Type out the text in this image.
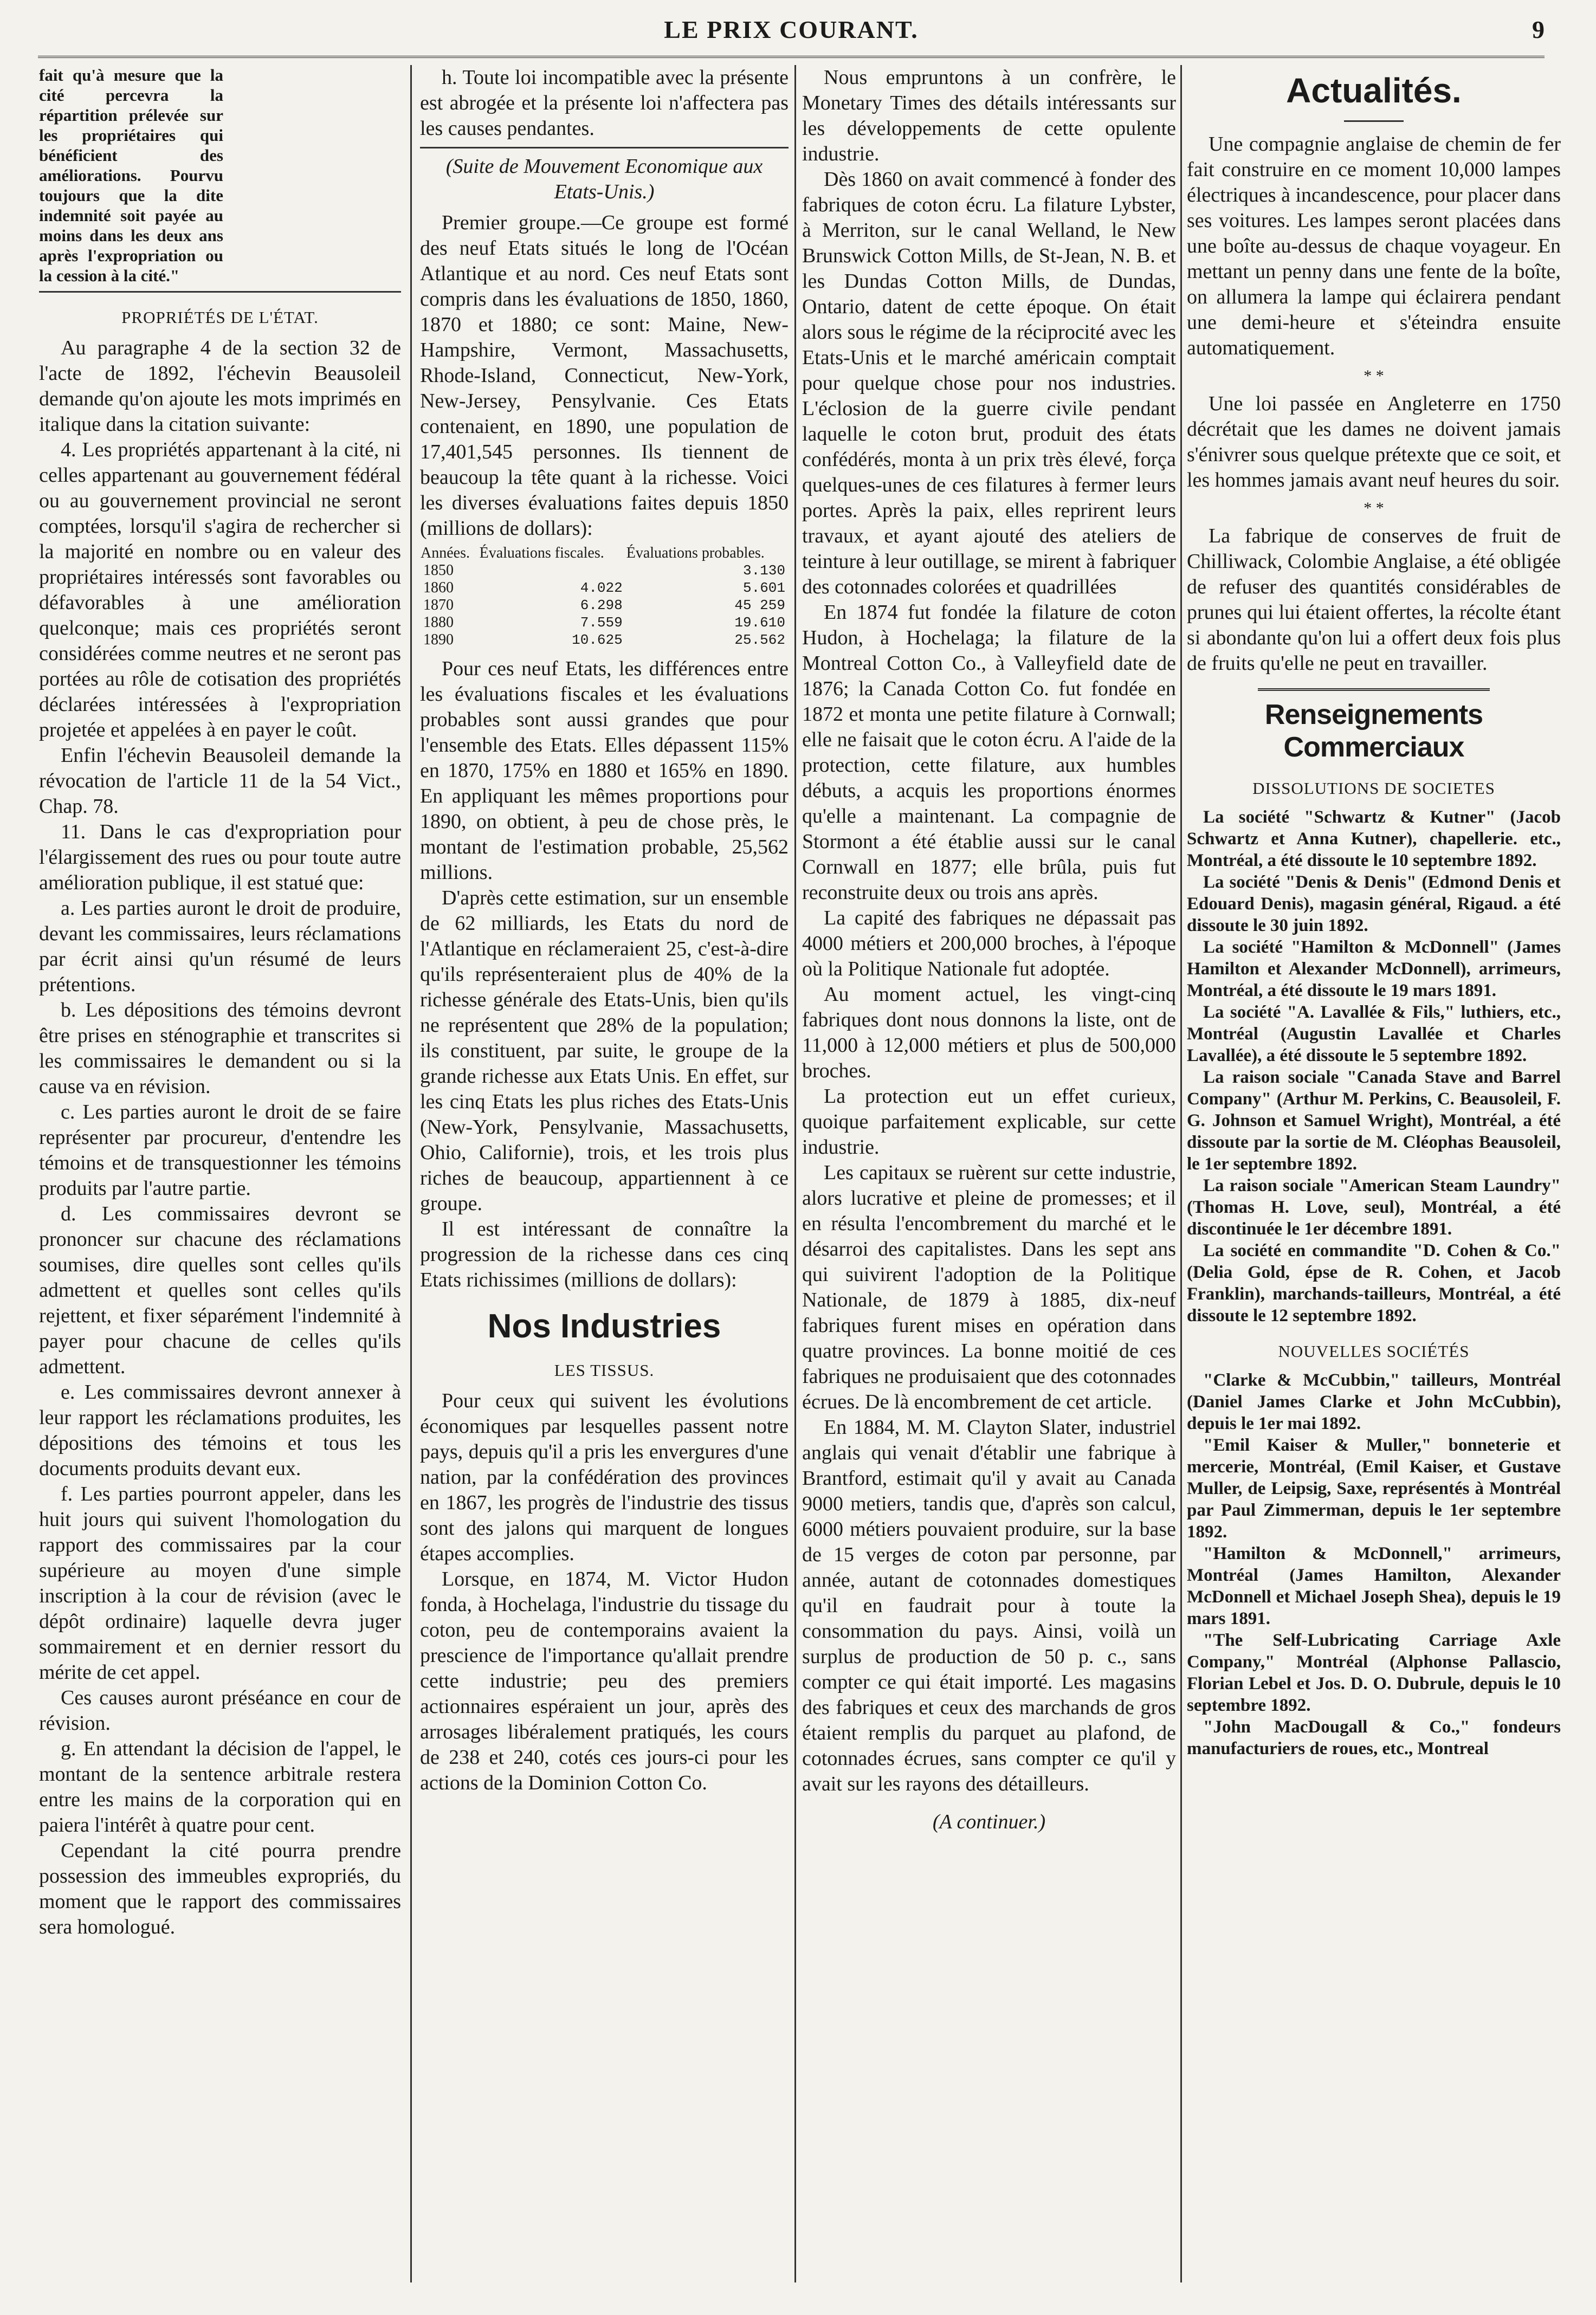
LE PRIX COURANT.	9

fait qu'à mesure que la cité percevra la répartition prélevée sur les propriétaires qui bénéficient des améliorations. Pourvu toujours que la dite indemnité soit payée au moins dans les deux ans après l'expropriation ou la cession à la cité."

PROPRIÉTÉS DE L'ÉTAT.

Au paragraphe 4 de la section 32 de l'acte de 1892, l'échevin Beausoleil demande qu'on ajoute les mots imprimés en italique dans la citation suivante:

4. Les propriétés appartenant à la cité, ni celles appartenant au gouvernement fédéral ou au gouvernement provincial ne seront comptées, lorsqu'il s'agira de rechercher si la majorité en nombre ou en valeur des propriétaires intéressés sont favorables ou défavorables à une amélioration quelconque; mais ces propriétés seront considérées comme neutres et ne seront pas portées au rôle de cotisation des propriétés déclarées intéressées à l'expropriation projetée et appelées à en payer le coût.

Enfin l'échevin Beausoleil demande la révocation de l'article 11 de la 54 Vict., Chap. 78.

11. Dans le cas d'expropriation pour l'élargissement des rues ou pour toute autre amélioration publique, il est statué que:

a. Les parties auront le droit de produire, devant les commissaires, leurs réclamations par écrit ainsi qu'un résumé de leurs prétentions.

b. Les dépositions des témoins devront être prises en sténographie et transcrites si les commissaires le demandent ou si la cause va en révision.

c. Les parties auront le droit de se faire représenter par procureur, d'entendre les témoins et de transquestionner les témoins produits par l'autre partie.

d. Les commissaires devront se prononcer sur chacune des réclamations soumises, dire quelles sont celles qu'ils admettent et quelles sont celles qu'ils rejettent, et fixer séparément l'indemnité à payer pour chacune de celles qu'ils admettent.

e. Les commissaires devront annexer à leur rapport les réclamations produites, les dépositions des témoins et tous les documents produits devant eux.

f. Les parties pourront appeler, dans les huit jours qui suivent l'homologation du rapport des commissaires par la cour supérieure au moyen d'une simple inscription à la cour de révision (avec le dépôt ordinaire) laquelle devra juger sommairement et en dernier ressort du mérite de cet appel.

Ces causes auront préséance en cour de révision.

g. En attendant la décision de l'appel, le montant de la sentence arbitrale restera entre les mains de la corporation qui en paiera l'intérêt à quatre pour cent.

Cependant la cité pourra prendre possession des immeubles expropriés, du moment que le rapport des commissaires sera homologué.

h. Toute loi incompatible avec la présente est abrogée et la présente loi n'affectera pas les causes pendantes.

(Suite de Mouvement Economique aux Etats-Unis.)

Premier groupe.—Ce groupe est formé des neuf Etats situés le long de l'Océan Atlantique et au nord. Ces neuf Etats sont compris dans les évaluations de 1850, 1860, 1870 et 1880; ce sont: Maine, New-Hampshire, Vermont, Massachusetts, Rhode-Island, Connecticut, New-York, New-Jersey, Pensylvanie. Ces Etats contenaient, en 1890, une population de 17,401,545 personnes. Ils tiennent de beaucoup la tête quant à la richesse. Voici les diverses évaluations faites depuis 1850 (millions de dollars):

Années.	Évaluations fiscales.	Évaluations probables.
1850		3.130
1860	4.022	5.601
1870	6.298	45 259
1880	7.559	19.610
1890	10.625	25.562

Pour ces neuf Etats, les différences entre les évaluations fiscales et les évaluations probables sont aussi grandes que pour l'ensemble des Etats. Elles dépassent 115% en 1870, 175% en 1880 et 165% en 1890. En appliquant les mêmes proportions pour 1890, on obtient, à peu de chose près, le montant de l'estimation probable, 25,562 millions.

D'après cette estimation, sur un ensemble de 62 milliards, les Etats du nord de l'Atlantique en réclameraient 25, c'est-à-dire qu'ils représenteraient plus de 40% de la richesse générale des Etats-Unis, bien qu'ils ne représentent que 28% de la population; ils constituent, par suite, le groupe de la grande richesse aux Etats Unis. En effet, sur les cinq Etats les plus riches des Etats-Unis (New-York, Pensylvanie, Massachusetts, Ohio, Californie), trois, et les trois plus riches de beaucoup, appartiennent à ce groupe.

Il est intéressant de connaître la progression de la richesse dans ces cinq Etats richissimes (millions de dollars):

Nos Industries

LES TISSUS.

Pour ceux qui suivent les évolutions économiques par lesquelles passent notre pays, depuis qu'il a pris les envergures d'une nation, par la confédération des provinces en 1867, les progrès de l'industrie des tissus sont des jalons qui marquent de longues étapes accomplies.

Lorsque, en 1874, M. Victor Hudon fonda, à Hochelaga, l'industrie du tissage du coton, peu de contemporains avaient la prescience de l'importance qu'allait prendre cette industrie; peu des premiers actionnaires espéraient un jour, après des arrosages libéralement pratiqués, les cours de 238 et 240, cotés ces jours-ci pour les actions de la Dominion Cotton Co.

Nous empruntons à un confrère, le Monetary Times des détails intéressants sur les développements de cette opulente industrie.

Dès 1860 on avait commencé à fonder des fabriques de coton écru. La filature Lybster, à Merriton, sur le canal Welland, le New Brunswick Cotton Mills, de St-Jean, N. B. et les Dundas Cotton Mills, de Dundas, Ontario, datent de cette époque. On était alors sous le régime de la réciprocité avec les Etats-Unis et le marché américain comptait pour quelque chose pour nos industries. L'éclosion de la guerre civile pendant laquelle le coton brut, produit des états confédérés, monta à un prix très élevé, força quelques-unes de ces filatures à fermer leurs portes. Après la paix, elles reprirent leurs travaux, et ayant ajouté des ateliers de teinture à leur outillage, se mirent à fabriquer des cotonnades colorées et quadrillées

En 1874 fut fondée la filature de coton Hudon, à Hochelaga; la filature de la Montreal Cotton Co., à Valleyfield date de 1876; la Canada Cotton Co. fut fondée en 1872 et monta une petite filature à Cornwall; elle ne faisait que le coton écru. A l'aide de la protection, cette filature, aux humbles débuts, a acquis les proportions énormes qu'elle a maintenant. La compagnie de Stormont a été établie aussi sur le canal Cornwall en 1877; elle brûla, puis fut reconstruite deux ou trois ans après.

La capité des fabriques ne dépassait pas 4000 métiers et 200,000 broches, à l'époque où la Politique Nationale fut adoptée.

Au moment actuel, les vingt-cinq fabriques dont nous donnons la liste, ont de 11,000 à 12,000 métiers et plus de 500,000 broches.

La protection eut un effet curieux, quoique parfaitement explicable, sur cette industrie.

Les capitaux se ruèrent sur cette industrie, alors lucrative et pleine de promesses; et il en résulta l'encombrement du marché et le désarroi des capitalistes. Dans les sept ans qui suivirent l'adoption de la Politique Nationale, de 1879 à 1885, dix-neuf fabriques furent mises en opération dans quatre provinces. La bonne moitié de ces fabriques ne produisaient que des cotonnades écrues. De là encombrement de cet article.

En 1884, M. M. Clayton Slater, industriel anglais qui venait d'établir une fabrique à Brantford, estimait qu'il y avait au Canada 9000 metiers, tandis que, d'après son calcul, 6000 métiers pouvaient produire, sur la base de 15 verges de coton par personne, par année, autant de cotonnades domestiques qu'il en faudrait pour à toute la consommation du pays. Ainsi, voilà un surplus de production de 50 p. c., sans compter ce qui était importé. Les magasins des fabriques et ceux des marchands de gros étaient remplis du parquet au plafond, de cotonnades écrues, sans compter ce qu'il y avait sur les rayons des détailleurs.

(A continuer.)
Actualités.

Une compagnie anglaise de chemin de fer fait construire en ce moment 10,000 lampes électriques à incandescence, pour placer dans ses voitures. Les lampes seront placées dans une boîte au-dessus de chaque voyageur. En mettant un penny dans une fente de la boîte, on allumera la lampe qui éclairera pendant une demi-heure et s'éteindra ensuite automatiquement.

* *

Une loi passée en Angleterre en 1750 décrétait que les dames ne doivent jamais s'énivrer sous quelque prétexte que ce soit, et les hommes jamais avant neuf heures du soir.

* *

La fabrique de conserves de fruit de Chilliwack, Colombie Anglaise, a été obligée de refuser des quantités considérables de prunes qui lui étaient offertes, la récolte étant si abondante qu'on lui a offert deux fois plus de fruits qu'elle ne peut en travailler.

Renseignements Commerciaux

DISSOLUTIONS DE SOCIETES

La société "Schwartz & Kutner" (Jacob Schwartz et Anna Kutner), chapellerie. etc., Montréal, a été dissoute le 10 septembre 1892.

La société "Denis & Denis" (Edmond Denis et Edouard Denis), magasin général, Rigaud. a été dissoute le 30 juin 1892.

La société "Hamilton & McDonnell" (James Hamilton et Alexander McDonnell), arrimeurs, Montréal, a été dissoute le 19 mars 1891.

La société "A. Lavallée & Fils," luthiers, etc., Montréal (Augustin Lavallée et Charles Lavallée), a été dissoute le 5 septembre 1892.

La raison sociale "Canada Stave and Barrel Company" (Arthur M. Perkins, C. Beausoleil, F. G. Johnson et Samuel Wright), Montréal, a été dissoute par la sortie de M. Cléophas Beausoleil, le 1er septembre 1892.

La raison sociale "American Steam Laundry" (Thomas H. Love, seul), Montréal, a été discontinuée le 1er décembre 1891.

La société en commandite "D. Cohen & Co." (Delia Gold, épse de R. Cohen, et Jacob Franklin), marchands-tailleurs, Montréal, a été dissoute le 12 septembre 1892.

NOUVELLES SOCIÉTÉS

"Clarke & McCubbin," tailleurs, Montréal (Daniel James Clarke et John McCubbin), depuis le 1er mai 1892.

"Emil Kaiser & Muller," bonneterie et mercerie, Montréal, (Emil Kaiser, et Gustave Muller, de Leipsig, Saxe, représentés à Montréal par Paul Zimmerman, depuis le 1er septembre 1892.

"Hamilton & McDonnell," arrimeurs, Montréal (James Hamilton, Alexander McDonnell et Michael Joseph Shea), depuis le 19 mars 1891.

"The Self-Lubricating Carriage Axle Company," Montréal (Alphonse Pallascio, Florian Lebel et Jos. D. O. Dubrule, depuis le 10 septembre 1892.

"John MacDougall & Co.," fondeurs manufacturiers de roues, etc., Montreal
